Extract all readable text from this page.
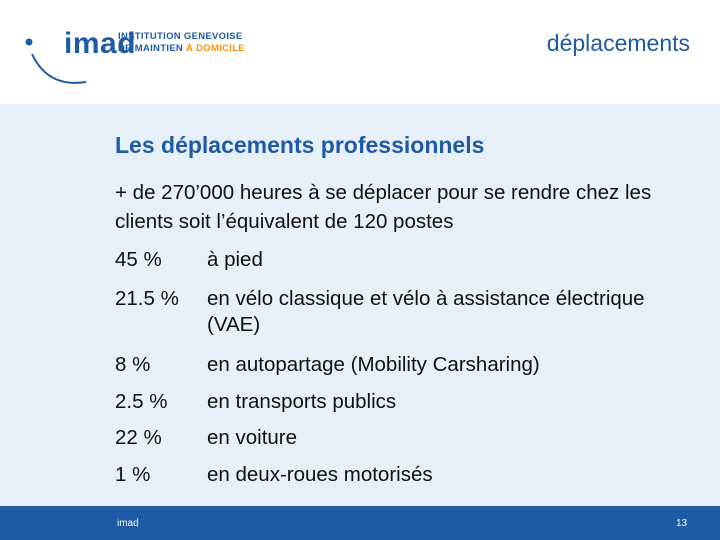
imad
INSTITUTION GENEVOISE
DE MAINTIEN À DOMICILE	déplacements
Les déplacements professionnels
+ de 270’000 heures à se déplacer pour se rendre chez les clients soit l’équivalent de 120 postes
45 % à pied
21.5 % en vélo classique et vélo à assistance électrique (VAE)
8 %	en autopartage (Mobility Carsharing)
2.5 % en transports publics
22 % en voiture
1 %	en deux-roues motorisés
imad	13
